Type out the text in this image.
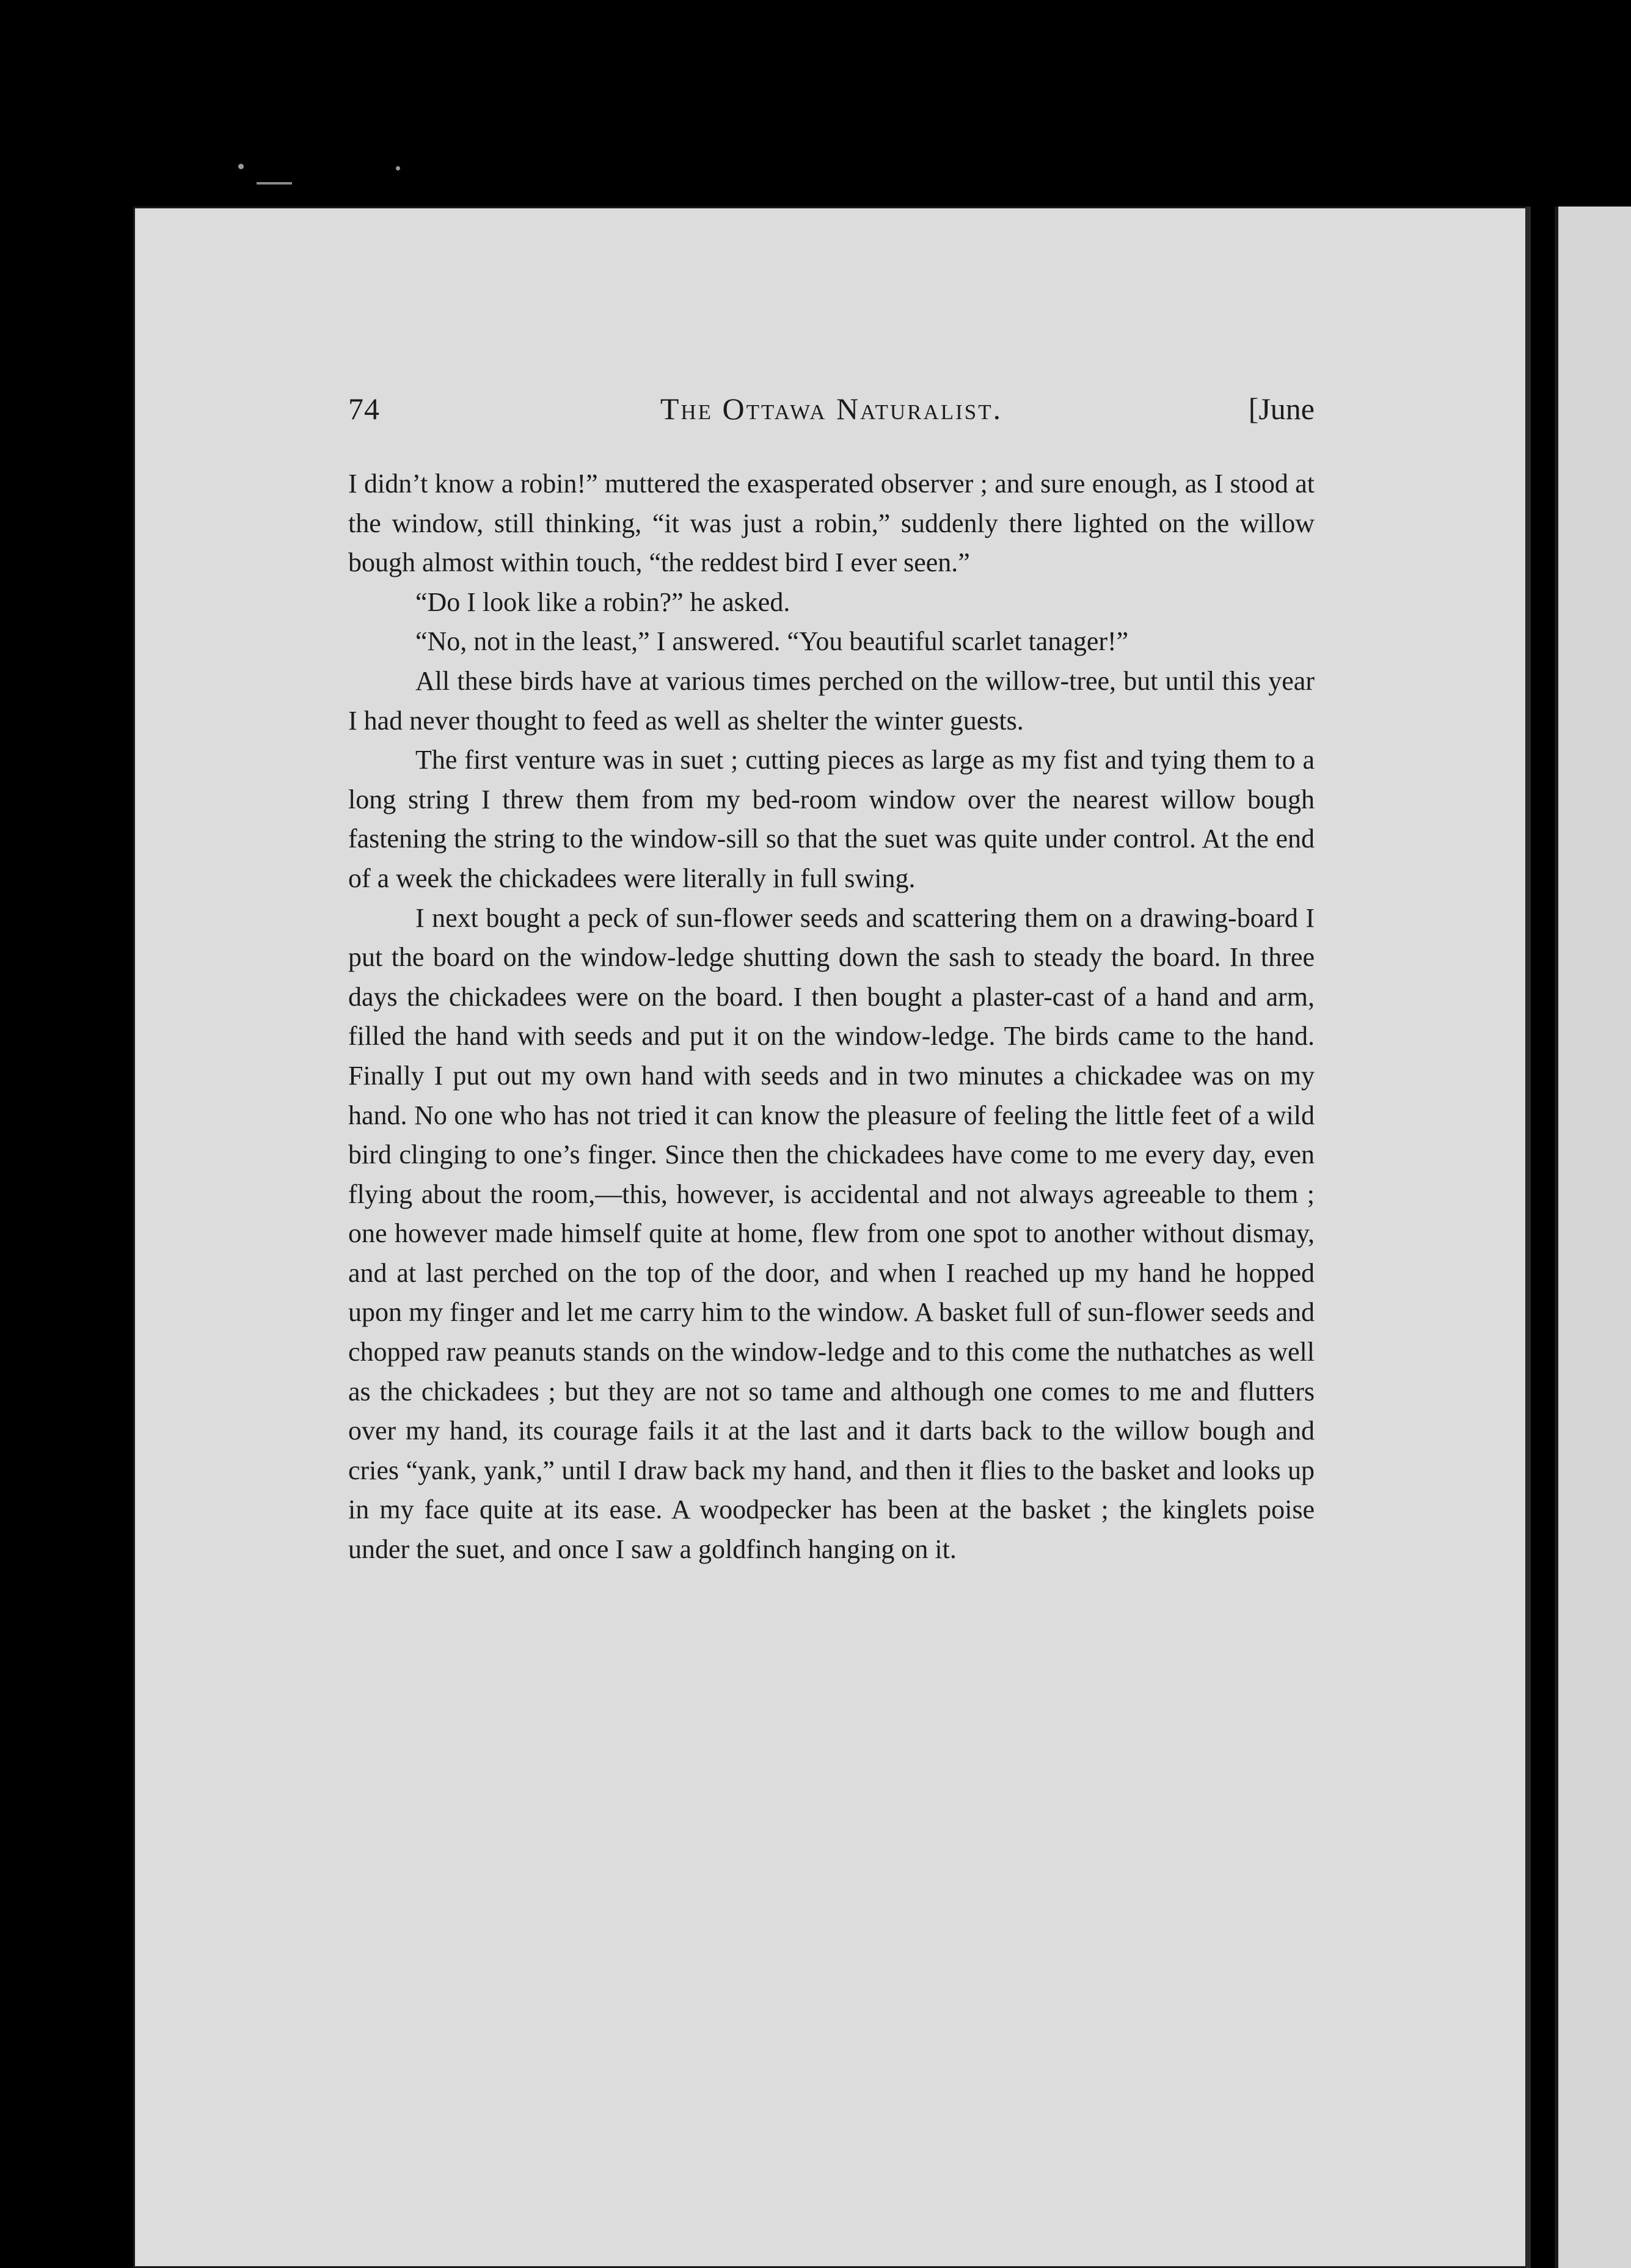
74	The Ottawa Naturalist.	[June

I didn’t know a robin!” muttered the exasperated observer ; and sure enough, as I stood at the window, still thinking, “it was just a robin,” suddenly there lighted on the willow bough almost within touch, “the reddest bird I ever seen.”

“Do I look like a robin?” he asked.

“No, not in the least,” I answered. “You beautiful scarlet tanager!”

All these birds have at various times perched on the willow-tree, but until this year I had never thought to feed as well as shelter the winter guests.

The first venture was in suet ; cutting pieces as large as my fist and tying them to a long string I threw them from my bed-room window over the nearest willow bough fastening the string to the window-sill so that the suet was quite under control. At the end of a week the chickadees were literally in full swing.

I next bought a peck of sun-flower seeds and scattering them on a drawing-board I put the board on the window-ledge shutting down the sash to steady the board. In three days the chickadees were on the board. I then bought a plaster-cast of a hand and arm, filled the hand with seeds and put it on the window-ledge. The birds came to the hand. Finally I put out my own hand with seeds and in two minutes a chickadee was on my hand. No one who has not tried it can know the pleasure of feeling the little feet of a wild bird clinging to one’s finger. Since then the chickadees have come to me every day, even flying about the room,—this, however, is accidental and not always agreeable to them ; one however made himself quite at home, flew from one spot to another without dismay, and at last perched on the top of the door, and when I reached up my hand he hopped upon my finger and let me carry him to the window. A basket full of sun-flower seeds and chopped raw peanuts stands on the window-ledge and to this come the nuthatches as well as the chickadees ; but they are not so tame and although one comes to me and flutters over my hand, its courage fails it at the last and it darts back to the willow bough and cries “yank, yank,” until I draw back my hand, and then it flies to the basket and looks up in my face quite at its ease. A woodpecker has been at the basket ; the kinglets poise under the suet, and once I saw a goldfinch hanging on it.
